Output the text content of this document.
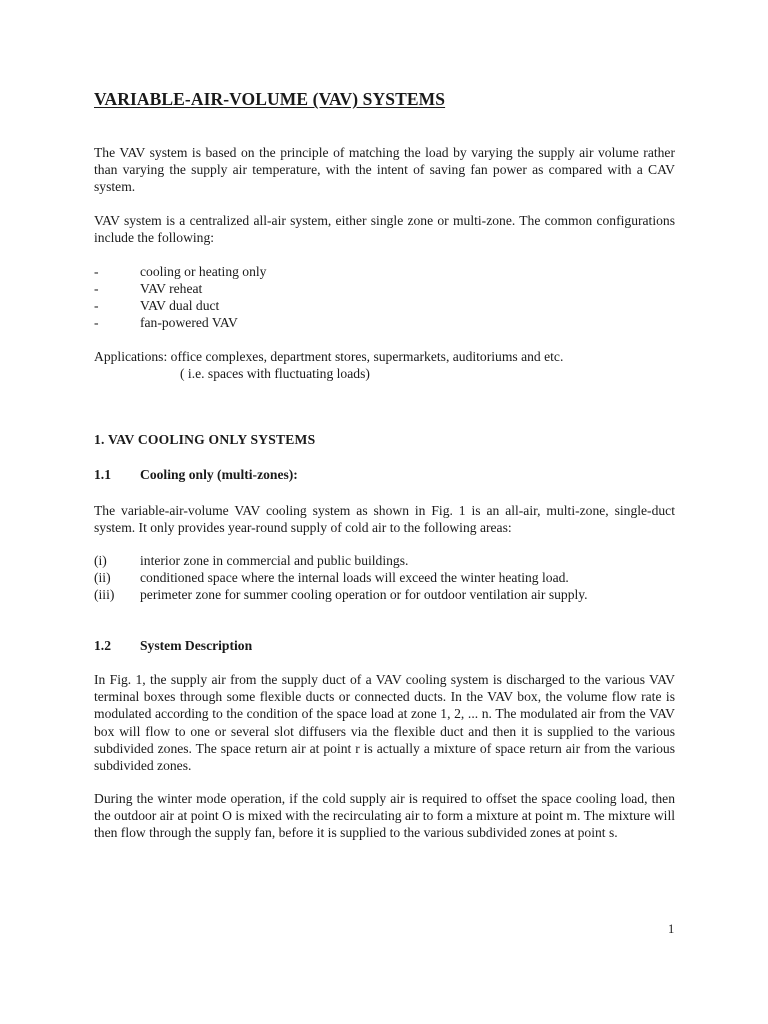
VARIABLE-AIR-VOLUME (VAV) SYSTEMS
The VAV system is based on the principle of matching the load by varying the supply air volume rather than varying the supply air temperature, with the intent of saving fan power as compared with a CAV system.
VAV system is a centralized all-air system, either single zone or multi-zone. The common configurations include the following:
-	cooling or heating only
-	VAV reheat
-	VAV dual duct
-	fan-powered VAV
Applications: office complexes, department stores, supermarkets, auditoriums and etc.
( i.e. spaces with fluctuating loads)
1. VAV COOLING ONLY SYSTEMS
1.1 Cooling only (multi-zones):
The variable-air-volume VAV cooling system as shown in Fig. 1 is an all-air, multi-zone, single-duct system. It only provides year-round supply of cold air to the following areas:
(i) interior zone in commercial and public buildings.
(ii) conditioned space where the internal loads will exceed the winter heating load.
(iii) perimeter zone for summer cooling operation or for outdoor ventilation air supply.
1.2 System Description
In Fig. 1, the supply air from the supply duct of a VAV cooling system is discharged to the various VAV terminal boxes through some flexible ducts or connected ducts. In the VAV box, the volume flow rate is modulated according to the condition of the space load at zone 1, 2, ... n. The modulated air from the VAV box will flow to one or several slot diffusers via the flexible duct and then it is supplied to the various subdivided zones. The space return air at point r is actually a mixture of space return air from the various subdivided zones.
During the winter mode operation, if the cold supply air is required to offset the space cooling load, then the outdoor air at point O is mixed with the recirculating air to form a mixture at point m. The mixture will then flow through the supply fan, before it is supplied to the various subdivided zones at point s.
1
